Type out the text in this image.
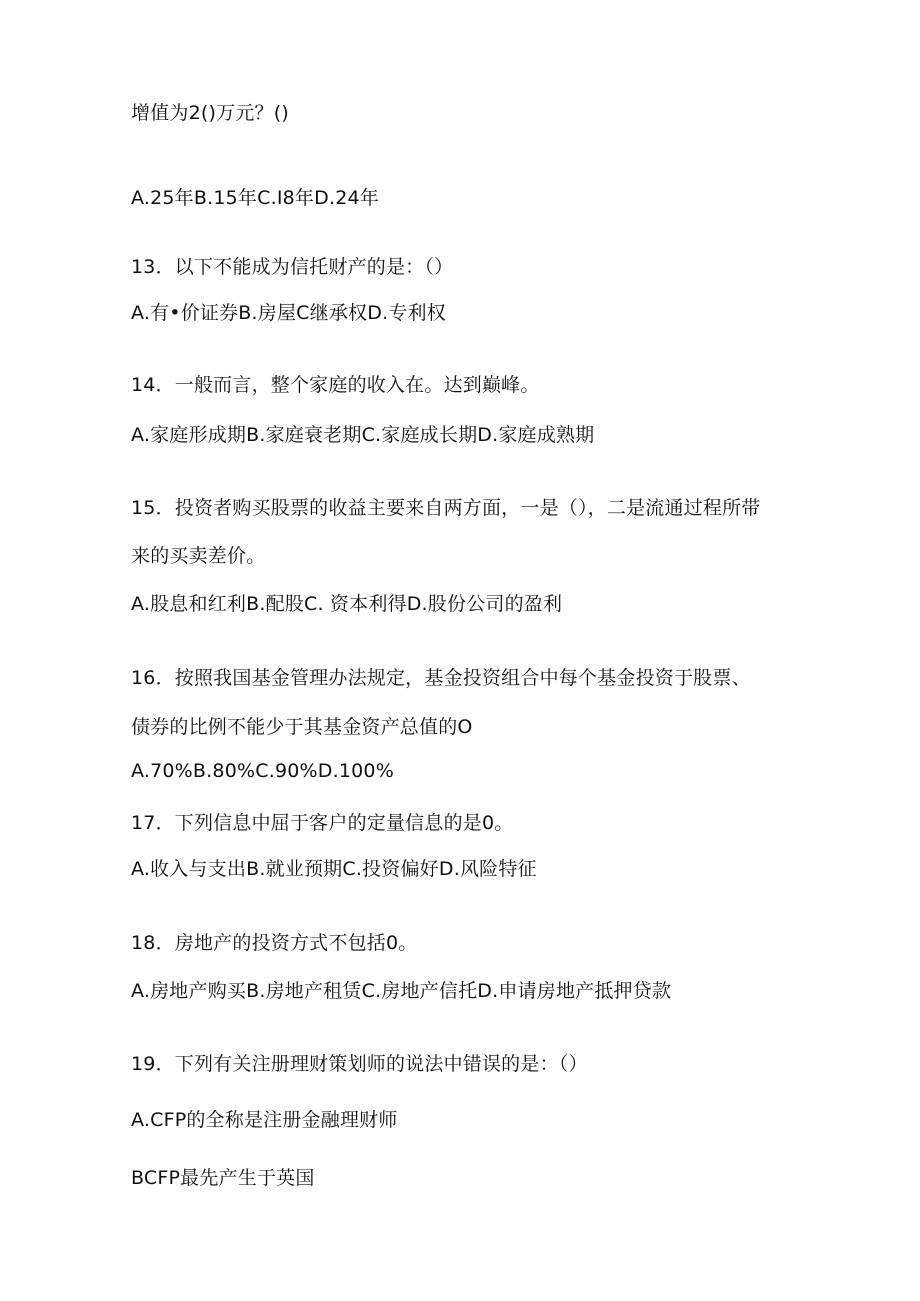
增值为2()万元？()
A.25年B.15年C.I8年D.24年
13．以下不能成为信托财产的是：（）
A.有•价证券B.房屋C继承权D.专利权
14．一般而言，整个家庭的收入在。达到巅峰。
A.家庭形成期B.家庭衰老期C.家庭成长期D.家庭成熟期
15．投资者购买股票的收益主要来自两方面，一是（），二是流通过程所带
来的买卖差价。
A.股息和红利B.配股C. 资本利得D.股份公司的盈利
16．按照我国基金管理办法规定，基金投资组合中每个基金投资于股票、
债券的比例不能少于其基金资产总值的O
A.70%B.80%C.90%D.100%
17．下列信息中屈于客户的定量信息的是0。
A.收入与支出B.就业预期C.投资偏好D.风险特征
18．房地产的投资方式不包括0。
A.房地产购买B.房地产租赁C.房地产信托D.申请房地产抵押贷款
19．下列有关注册理财策划师的说法中错误的是：（）
A.CFP的全称是注册金融理财师
BCFP最先产生于英国
